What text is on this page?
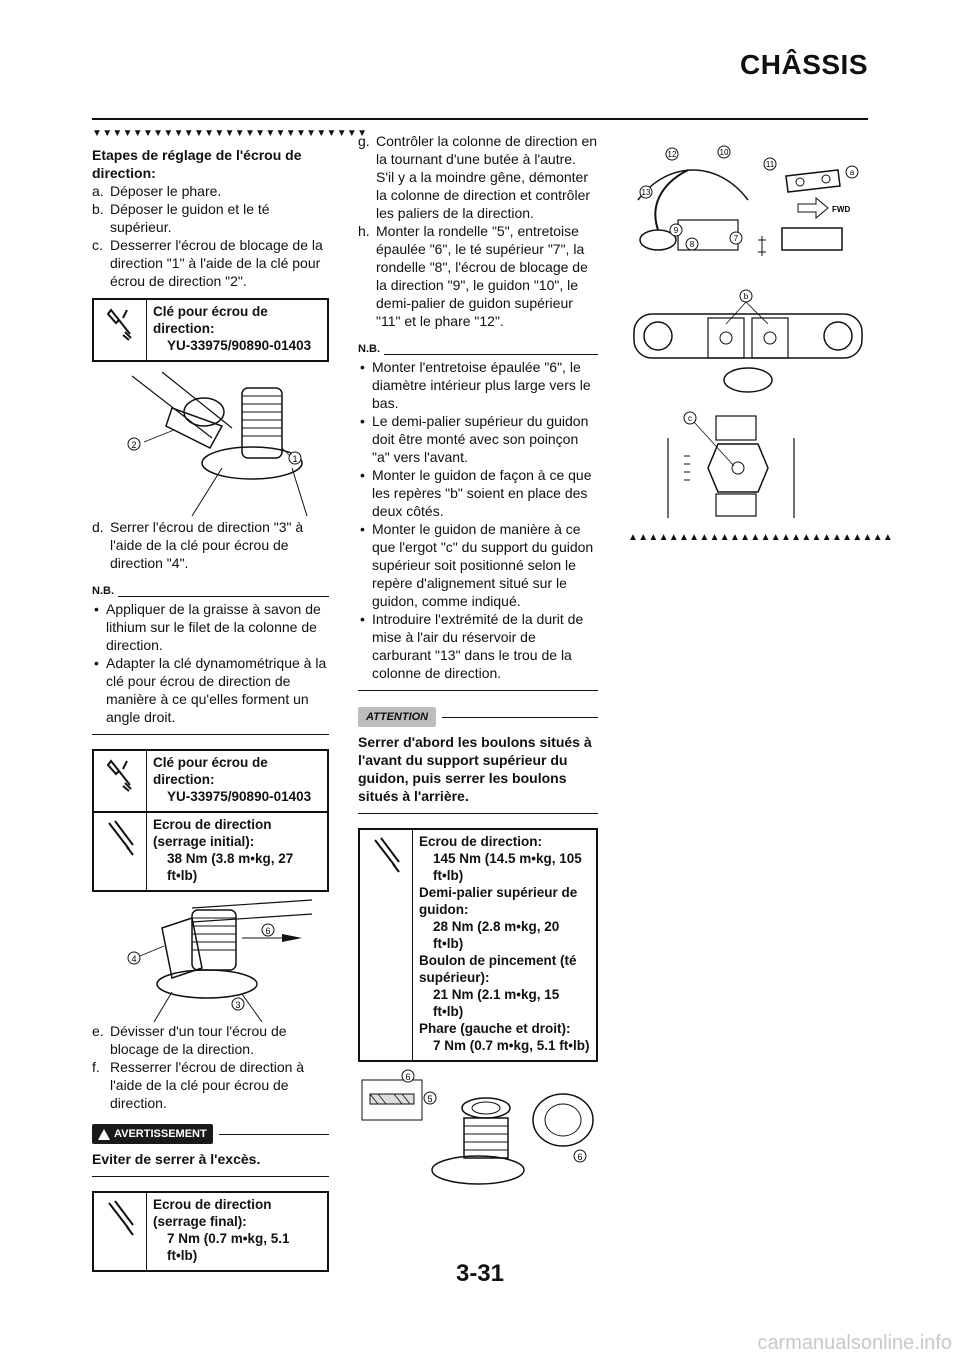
CHÂSSIS
▼▼▼▼▼▼▼▼▼▼▼▼▼▼▼▼▼▼▼▼▼▼▼▼▼▼▼

Etapes de réglage de l'écrou de direction:

a. Déposer le phare.
b. Déposer le guidon et le té supérieur.
c. Desserrer l'écrou de blocage de la direction "1" à l'aide de la clé pour écrou de direction "2".
Clé pour écrou de direction:
YU-33975/90890-01403
2
1
d. Serrer l'écrou de direction "3" à l'aide de la clé pour écrou de direction "4".
N.B.
• Appliquer de la graisse à savon de lithium sur le filet de la colonne de direction.
• Adapter la clé dynamométrique à la clé pour écrou de direction de manière à ce qu'elles forment un angle droit.
Clé pour écrou de direction:
YU-33975/90890-01403
Ecrou de direction (serrage initial):
38 Nm (3.8 m•kg, 27 ft•lb)
4
6
3
e. Dévisser d'un tour l'écrou de blocage de la direction.
f. Resserrer l'écrou de direction à l'aide de la clé pour écrou de direction.
AVERTISSEMENT

Eviter de serrer à l'excès.

Ecrou de direction (serrage final):
7 Nm (0.7 m•kg, 5.1 ft•lb)
g. Contrôler la colonne de direction en la tournant d'une butée à l'autre. S'il y a la moindre gêne, démonter la colonne de direction et contrôler les paliers de la direction.
h. Monter la rondelle "5", entretoise épaulée "6", le té supérieur "7", la rondelle "8", l'écrou de blocage de la direction "9", le guidon "10", le demi-palier de guidon supérieur "11" et le phare "12".
N.B.
• Monter l'entretoise épaulée "6", le diamètre intérieur plus large vers le bas.
• Le demi-palier supérieur du guidon doit être monté avec son poinçon "a" vers l'avant.
• Monter le guidon de façon à ce que les repères "b" soient en place des deux côtés.
• Monter le guidon de manière à ce que l'ergot "c" du support du guidon supérieur soit positionné selon le repère d'alignement situé sur le guidon, comme indiqué.
• Introduire l'extrémité de la durit de mise à l'air du réservoir de carburant "13" dans le trou de la colonne de direction.
ATTENTION

Serrer d'abord les boulons situés à l'avant du support supérieur du guidon, puis serrer les boulons situés à l'arrière.

Ecrou de direction:
145 Nm (14.5 m•kg, 105 ft•lb)
Demi-palier supérieur de guidon:
28 Nm (2.8 m•kg, 20 ft•lb)
Boulon de pincement (té supérieur):
21 Nm (2.1 m•kg, 15 ft•lb)
Phare (gauche et droit):
7 Nm (0.7 m•kg, 5.1 ft•lb)
6
5
6
12	10
11
13
9
8
7
a
FWD
b
c
▲▲▲▲▲▲▲▲▲▲▲▲▲▲▲▲▲▲▲▲▲▲▲▲▲▲
3-31
carmanualsonline.info
